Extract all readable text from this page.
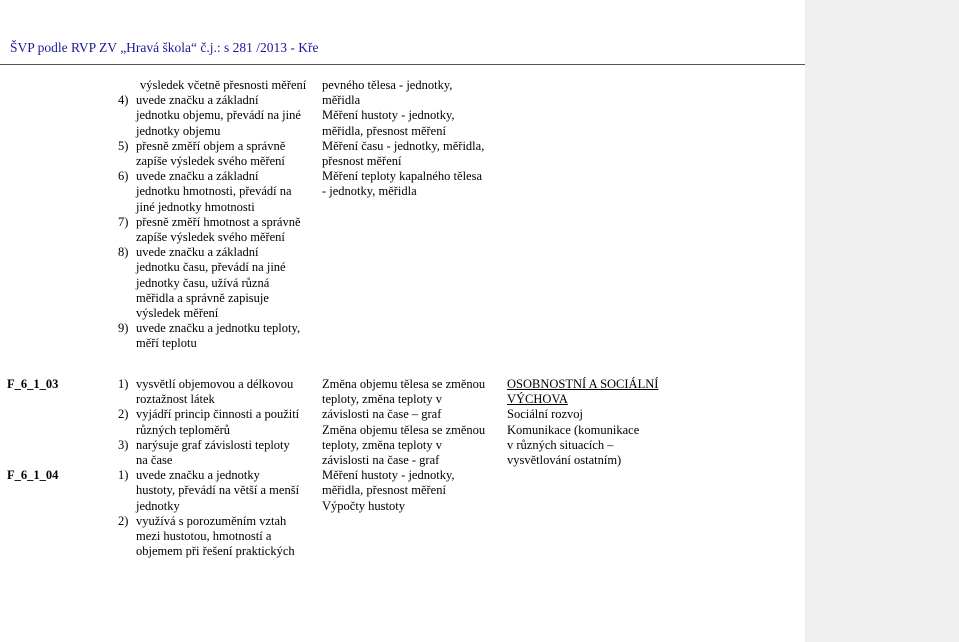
ŠVP podle RVP ZV „Hravá škola“ č.j.: s 281 /2013 - Kře
výsledek včetně přesnosti měření
4) uvede značku a základní
jednotku objemu, převádí na jiné
jednotky objemu
5) přesně změří objem a správně
zapíše výsledek svého měření
6) uvede značku a základní
jednotku hmotnosti, převádí na
jiné jednotky hmotnosti
7) přesně změří hmotnost a správně
zapíše výsledek svého měření
8) uvede značku a základní
jednotku času, převádí na jiné
jednotky času, užívá různá
měřidla a správně zapisuje
výsledek měření
9) uvede značku a jednotku teploty,
měří teplotu
pevného tělesa - jednotky,
měřidla
Měření hustoty - jednotky,
měřidla, přesnost měření
Měření času - jednotky, měřidla,
přesnost měření
Měření teploty kapalného tělesa
- jednotky, měřidla
F_6_1_03
F_6_1_04
1) vysvětlí objemovou a délkovou
roztažnost látek
2) vyjádří princip činnosti a použití
různých teploměrů
3) narýsuje graf závislosti teploty
na čase
1) uvede značku a jednotky
hustoty, převádí na větší a menší
jednotky
2) využívá s porozuměním vztah
mezi hustotou, hmotností a
objemem při řešení praktických
Změna objemu tělesa se změnou
teploty, změna teploty v
závislosti na čase – graf
Změna objemu tělesa se změnou
teploty, změna teploty v
závislosti na čase - graf
Měření hustoty - jednotky,
měřidla, přesnost měření
Výpočty hustoty
OSOBNOSTNÍ A SOCIÁLNÍ
VÝCHOVA
Sociální rozvoj
Komunikace (komunikace
v různých situacích –
vysvětlování ostatním)
